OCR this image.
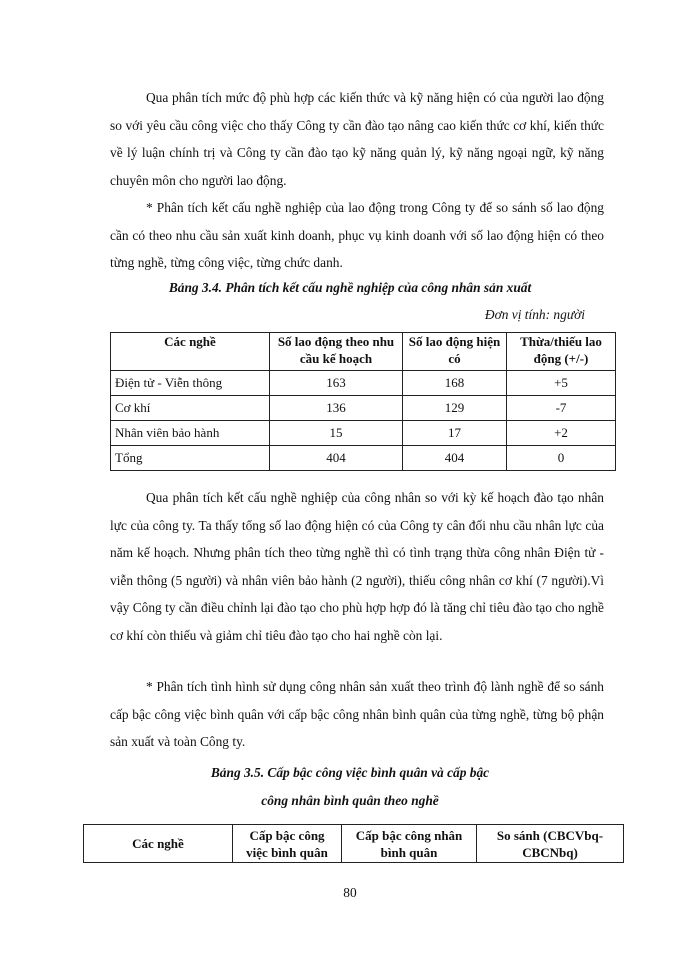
Qua phân tích mức độ phù hợp các kiến thức và kỹ năng hiện có của người lao động so với yêu cầu công việc cho thấy Công ty cần đào tạo nâng cao kiến thức cơ khí, kiến thức về lý luận chính trị và Công ty cần đào tạo kỹ năng quản lý, kỹ năng ngoại ngữ, kỹ năng chuyên môn cho người lao động.

* Phân tích kết cấu nghề nghiệp của lao động trong Công ty để so sánh số lao động cần có theo nhu cầu sản xuất kinh doanh, phục vụ kinh doanh với số lao động hiện có theo từng nghề, từng công việc, từng chức danh.

Bảng 3.4. Phân tích kết cấu nghề nghiệp của công nhân sản xuất

Đơn vị tính: người
Các nghề	Số lao động theo nhu cầu kế hoạch	Số lao động hiện có	Thừa/thiếu lao động (+/-)
Điện tử - Viễn thông	163	168	+5
Cơ khí	136	129	-7
Nhân viên bảo hành	15	17	+2
Tổng	404	404	0

Qua phân tích kết cấu nghề nghiệp của công nhân so với kỳ kế hoạch đào tạo nhân lực của công ty. Ta thấy tổng số lao động hiện có của Công ty cân đối nhu cầu nhân lực của năm kế hoạch. Nhưng phân tích theo từng nghề thì có tình trạng thừa công nhân Điện tử - viễn thông (5 người) và nhân viên bảo hành (2 người), thiếu công nhân cơ khí (7 người).Vì vậy Công ty cần điều chỉnh lại đào tạo cho phù hợp hợp đó là tăng chỉ tiêu đào tạo cho nghề cơ khí còn thiếu và giảm chỉ tiêu đào tạo cho hai nghề còn lại.

* Phân tích tình hình sử dụng công nhân sản xuất theo trình độ lành nghề để so sánh cấp bậc công việc bình quân với cấp bậc công nhân bình quân của từng nghề, từng bộ phận sản xuất và toàn Công ty.

Bảng 3.5. Cấp bậc công việc bình quân và cấp bậc

công nhân bình quân theo nghề

Các nghề	Cấp bậc công việc bình quân	Cấp bậc công nhân bình quân	So sánh (CBCVbq-CBCNbq)
80
